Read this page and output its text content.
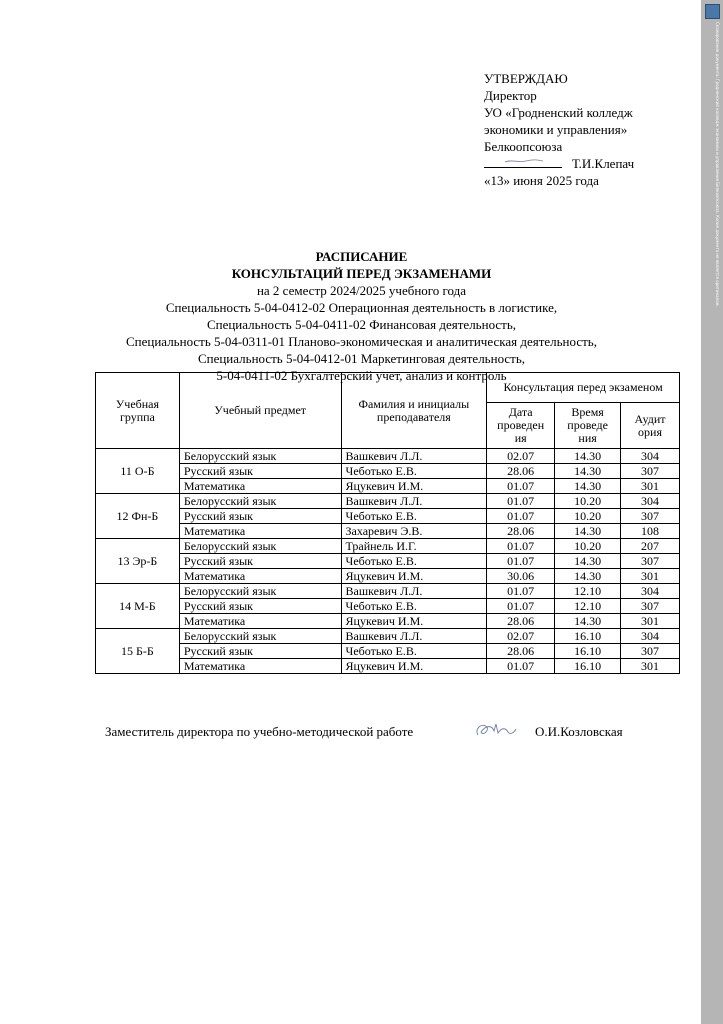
УТВЕРЖДАЮ
Директор
УО «Гродненский колледж
экономики и управления»
Белкоопсоюза
Т.И.Клепач
«13» июня 2025 года
РАСПИСАНИЕ
КОНСУЛЬТАЦИЙ ПЕРЕД ЭКЗАМЕНАМИ
на 2 семестр 2024/2025 учебного года
Специальность 5-04-0412-02 Операционная деятельность в логистике,
Специальность 5-04-0411-02 Финансовая деятельность,
Специальность 5-04-0311-01 Планово-экономическая и аналитическая деятельность,
Специальность 5-04-0412-01 Маркетинговая деятельность,
5-04-0411-02 Бухгалтерский учет, анализ и контроль
Учебная группа	Учебный предмет	Фамилия и инициалы преподавателя	Консультация перед экзаменом		
			Дата проведен ия	Время проведе ния	Аудит ория
11 О-Б	Белорусский язык	Вашкевич Л.Л.	02.07	14.30	304
	Русский язык	Чеботько Е.В.	28.06	14.30	307
	Математика	Яцукевич И.М.	01.07	14.30	301
12 Фн-Б	Белорусский язык	Вашкевич Л.Л.	01.07	10.20	304
	Русский язык	Чеботько Е.В.	01.07	10.20	307
	Математика	Захаревич Э.В.	28.06	14.30	108
13 Эр-Б	Белорусский язык	Трайнель И.Г.	01.07	10.20	207
	Русский язык	Чеботько Е.В.	01.07	14.30	307
	Математика	Яцукевич И.М.	30.06	14.30	301
14 М-Б	Белорусский язык	Вашкевич Л.Л.	01.07	12.10	304
	Русский язык	Чеботько Е.В.	01.07	12.10	307
	Математика	Яцукевич И.М.	28.06	14.30	301
15 Б-Б	Белорусский язык	Вашкевич Л.Л.	02.07	16.10	304
	Русский язык	Чеботько Е.В.	28.06	16.10	307
	Математика	Яцукевич И.М.	01.07	16.10	301
Заместитель директора по учебно-методической работе	О.И.Козловская
Сканирование документа: Гродненский колледж экономики и управления Белкоопсоюза. Копия документа не является оригиналом.
